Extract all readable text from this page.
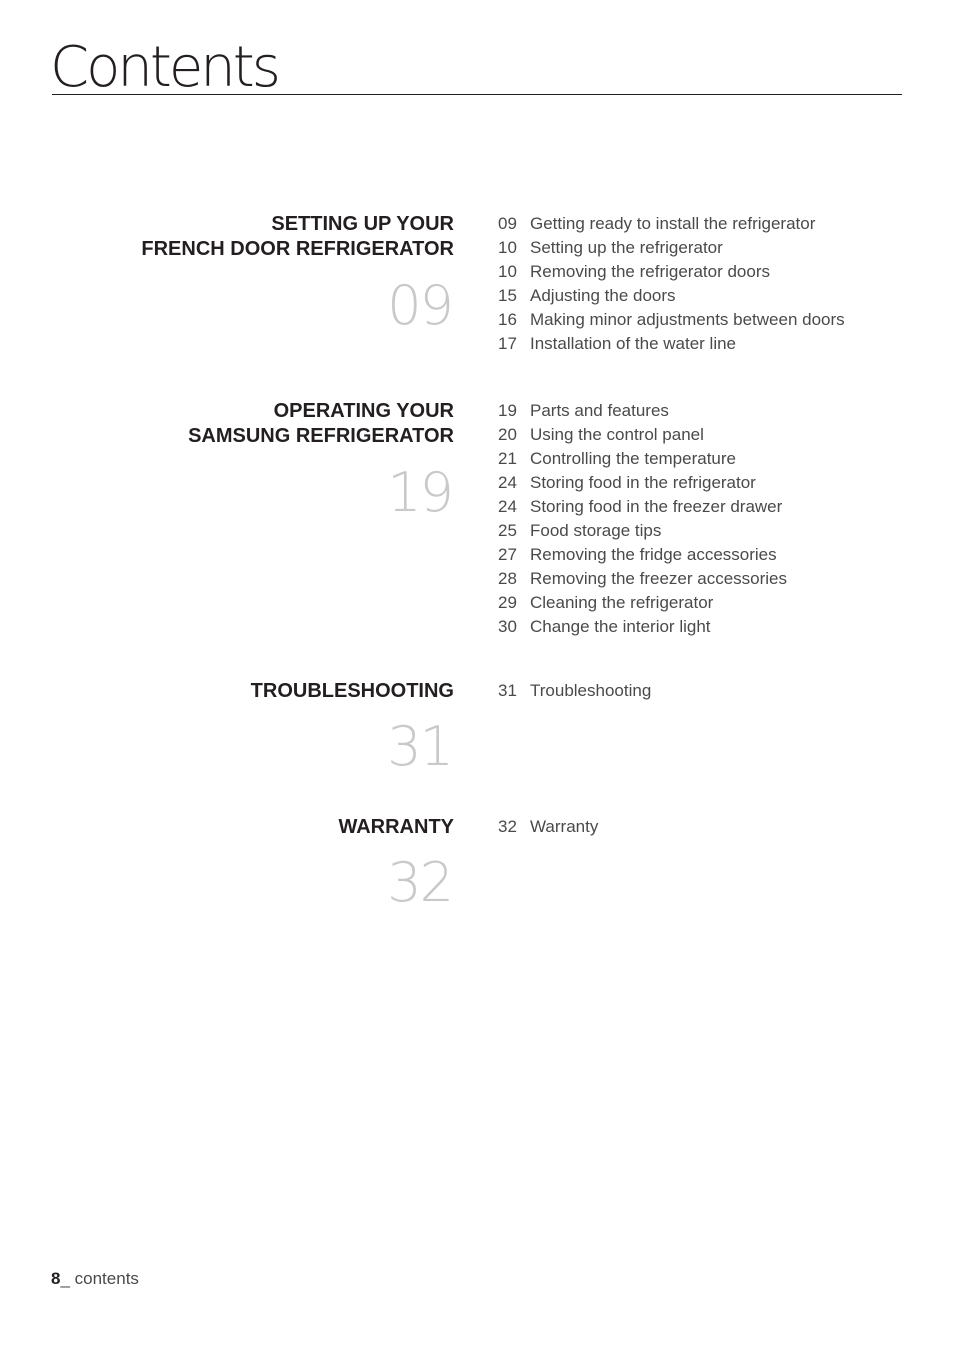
Contents
SETTING UP YOUR
FRENCH DOOR REFRIGERATOR
09
09 Getting ready to install the refrigerator
10 Setting up the refrigerator
10 Removing the refrigerator doors
15 Adjusting the doors
16 Making minor adjustments between doors
17 Installation of the water line
OPERATING YOUR
SAMSUNG REFRIGERATOR
19
19 Parts and features
20 Using the control panel
21 Controlling the temperature
24 Storing food in the refrigerator
24 Storing food in the freezer drawer
25 Food storage tips
27 Removing the fridge accessories
28 Removing the freezer accessories
29 Cleaning the refrigerator
30 Change the interior light
TROUBLESHOOTING
31
31 Troubleshooting
WARRANTY
32
32 Warranty
8_ contents
